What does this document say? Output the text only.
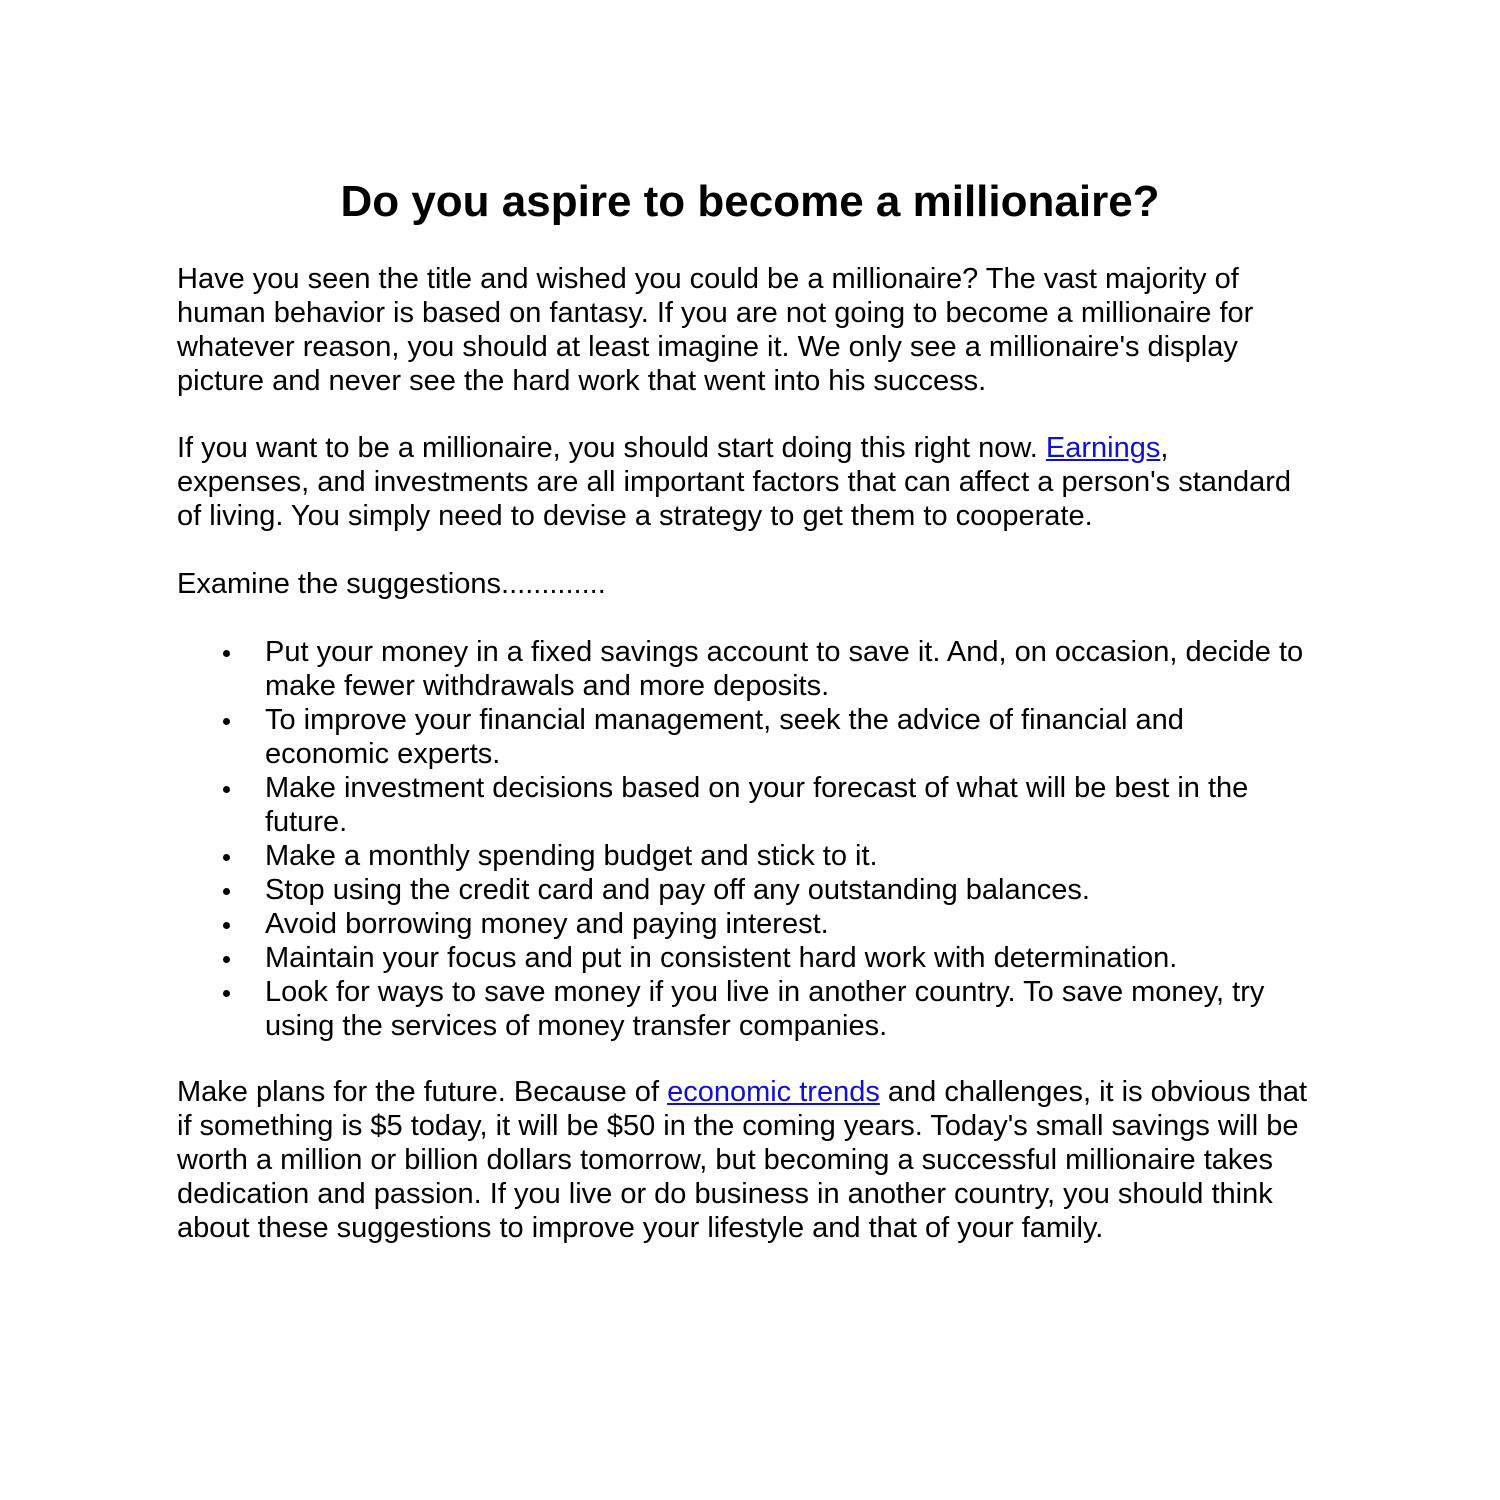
Do you aspire to become a millionaire?
Have you seen the title and wished you could be a millionaire? The vast majority of
human behavior is based on fantasy. If you are not going to become a millionaire for
whatever reason, you should at least imagine it. We only see a millionaire's display
picture and never see the hard work that went into his success.
If you want to be a millionaire, you should start doing this right now. Earnings,
expenses, and investments are all important factors that can affect a person's standard
of living. You simply need to devise a strategy to get them to cooperate.
Examine the suggestions.............
Put your money in a fixed savings account to save it. And, on occasion, decide to
make fewer withdrawals and more deposits.
To improve your financial management, seek the advice of financial and
economic experts.
Make investment decisions based on your forecast of what will be best in the
future.
Make a monthly spending budget and stick to it.
Stop using the credit card and pay off any outstanding balances.
Avoid borrowing money and paying interest.
Maintain your focus and put in consistent hard work with determination.
Look for ways to save money if you live in another country. To save money, try
using the services of money transfer companies.
Make plans for the future. Because of economic trends and challenges, it is obvious that
if something is $5 today, it will be $50 in the coming years. Today's small savings will be
worth a million or billion dollars tomorrow, but becoming a successful millionaire takes
dedication and passion. If you live or do business in another country, you should think
about these suggestions to improve your lifestyle and that of your family.
